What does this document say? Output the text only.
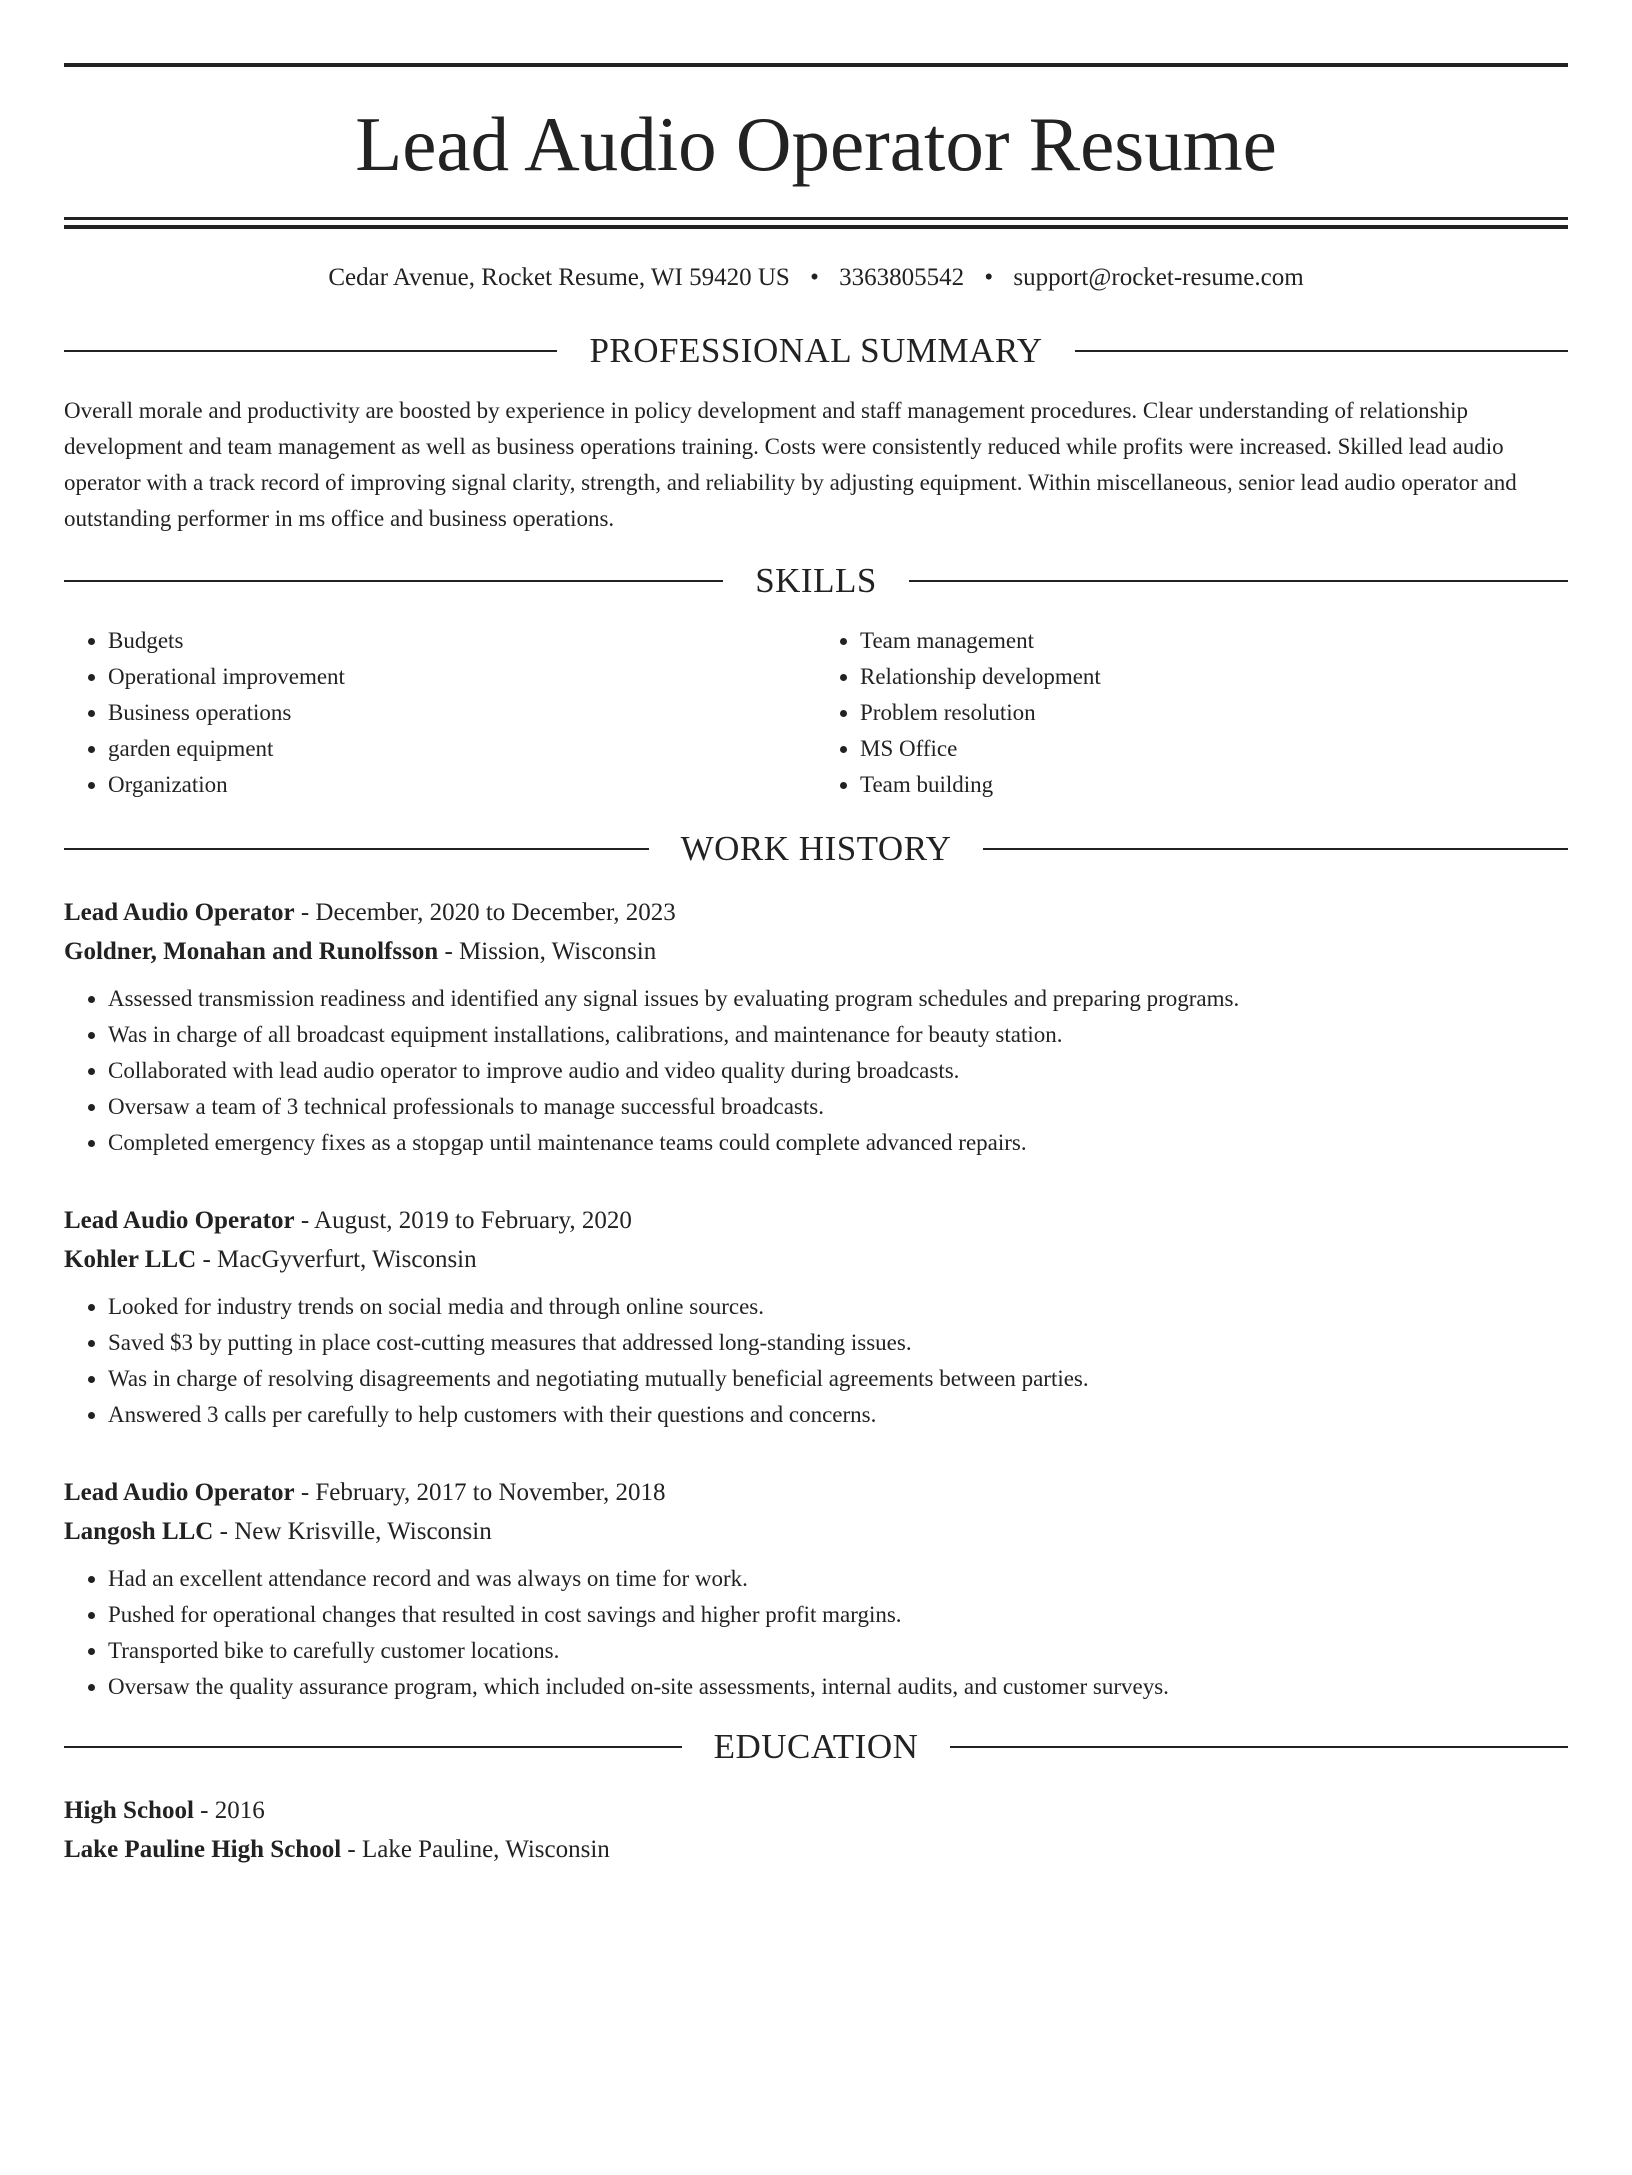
Lead Audio Operator Resume
Cedar Avenue, Rocket Resume, WI 59420 US • 3363805542 • support@rocket-resume.com
PROFESSIONAL SUMMARY
Overall morale and productivity are boosted by experience in policy development and staff management procedures. Clear understanding of relationship development and team management as well as business operations training. Costs were consistently reduced while profits were increased. Skilled lead audio operator with a track record of improving signal clarity, strength, and reliability by adjusting equipment. Within miscellaneous, senior lead audio operator and outstanding performer in ms office and business operations.
SKILLS
• Budgets
• Operational improvement
• Business operations
• garden equipment
• Organization
• Team management
• Relationship development
• Problem resolution
• MS Office
• Team building
WORK HISTORY
Lead Audio Operator - December, 2020 to December, 2023
Goldner, Monahan and Runolfsson - Mission, Wisconsin
• Assessed transmission readiness and identified any signal issues by evaluating program schedules and preparing programs.
• Was in charge of all broadcast equipment installations, calibrations, and maintenance for beauty station.
• Collaborated with lead audio operator to improve audio and video quality during broadcasts.
• Oversaw a team of 3 technical professionals to manage successful broadcasts.
• Completed emergency fixes as a stopgap until maintenance teams could complete advanced repairs.
Lead Audio Operator - August, 2019 to February, 2020
Kohler LLC - MacGyverfurt, Wisconsin
• Looked for industry trends on social media and through online sources.
• Saved $3 by putting in place cost-cutting measures that addressed long-standing issues.
• Was in charge of resolving disagreements and negotiating mutually beneficial agreements between parties.
• Answered 3 calls per carefully to help customers with their questions and concerns.
Lead Audio Operator - February, 2017 to November, 2018
Langosh LLC - New Krisville, Wisconsin
• Had an excellent attendance record and was always on time for work.
• Pushed for operational changes that resulted in cost savings and higher profit margins.
• Transported bike to carefully customer locations.
• Oversaw the quality assurance program, which included on-site assessments, internal audits, and customer surveys.
EDUCATION
High School - 2016
Lake Pauline High School - Lake Pauline, Wisconsin
